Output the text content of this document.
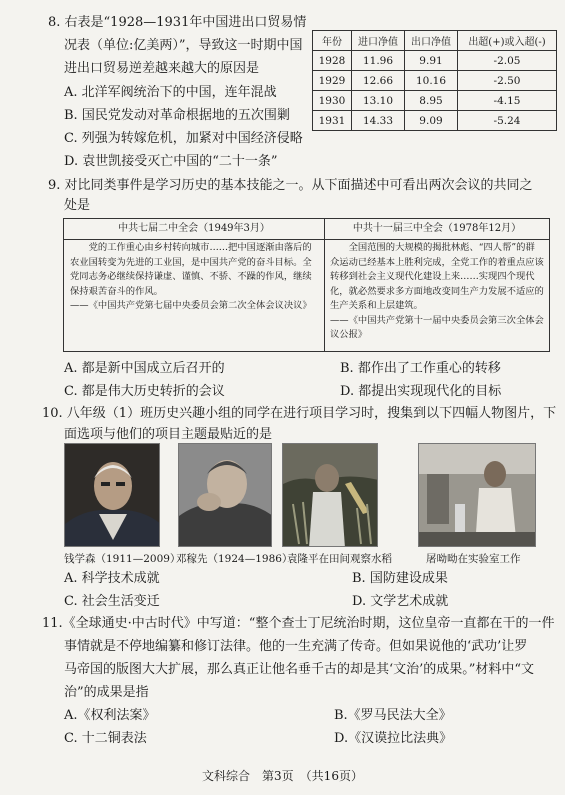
8. 右表是“1928—1931年中国进出口贸易情
况表（单位:亿美两）”，导致这一时期中国
进出口贸易逆差越来越大的原因是
A. 北洋军阀统治下的中国，连年混战
B. 国民党发动对革命根据地的五次围剿
C. 列强为转嫁危机，加紧对中国经济侵略
D. 袁世凯接受灭亡中国的“二十一条”
年份	进口净值	出口净值	出超(+)或入超(-)
1928	11.96	9.91	-2.05
1929	12.66	10.16	-2.50
1930	13.10	8.95	-4.15
1931	14.33	9.09	-5.24
9. 对比同类事件是学习历史的基本技能之一。从下面描述中可看出两次会议的共同之
处是
中共七届二中全会（1949年3月）	中共十一届三中全会（1978年12月）
党的工作重心由乡村转向城市……把中国逐渐由落后的农业国转变为先进的工业国，是中国共产党的奋斗目标。全党同志务必继续保持谦虚、谨慎、不骄、不躁的作风，继续保持艰苦奋斗的作风。
——《中国共产党第七届中央委员会第二次全体会议决议》
全国范围的大规模的揭批林彪、“四人帮”的群众运动已经基本上胜利完成，全党工作的着重点应该转移到社会主义现代化建设上来……实现四个现代化，就必然要求多方面地改变同生产力发展不适应的生产关系和上层建筑。
——《中国共产党第十一届中央委员会第三次全体会议公报》
A. 都是新中国成立后召开的	B. 都作出了工作重心的转移
C. 都是伟大历史转折的会议	D. 都提出实现现代化的目标
10. 八年级（1）班历史兴趣小组的同学在进行项目学习时，搜集到以下四幅人物图片，下
面选项与他们的项目主题最贴近的是
钱学森（1911—2009）
邓稼先（1924—1986）
袁隆平在田间观察水稻	屠呦呦在实验室工作
A. 科学技术成就	B. 国防建设成果
C. 社会生活变迁	D. 文学艺术成就
11.《全球通史·中古时代》中写道：“整个查士丁尼统治时期，这位皇帝一直都在干的一件
事情就是不停地编纂和修订法律。他的一生充满了传奇。但如果说他的‘武功’让罗
马帝国的版图大大扩展，那么真正让他名垂千古的却是其‘文治’的成果。”材料中“文
治”的成果是指
A.《权利法案》	B.《罗马民法大全》
C. 十二铜表法	D.《汉谟拉比法典》
文科综合　第3页　（共16页）
